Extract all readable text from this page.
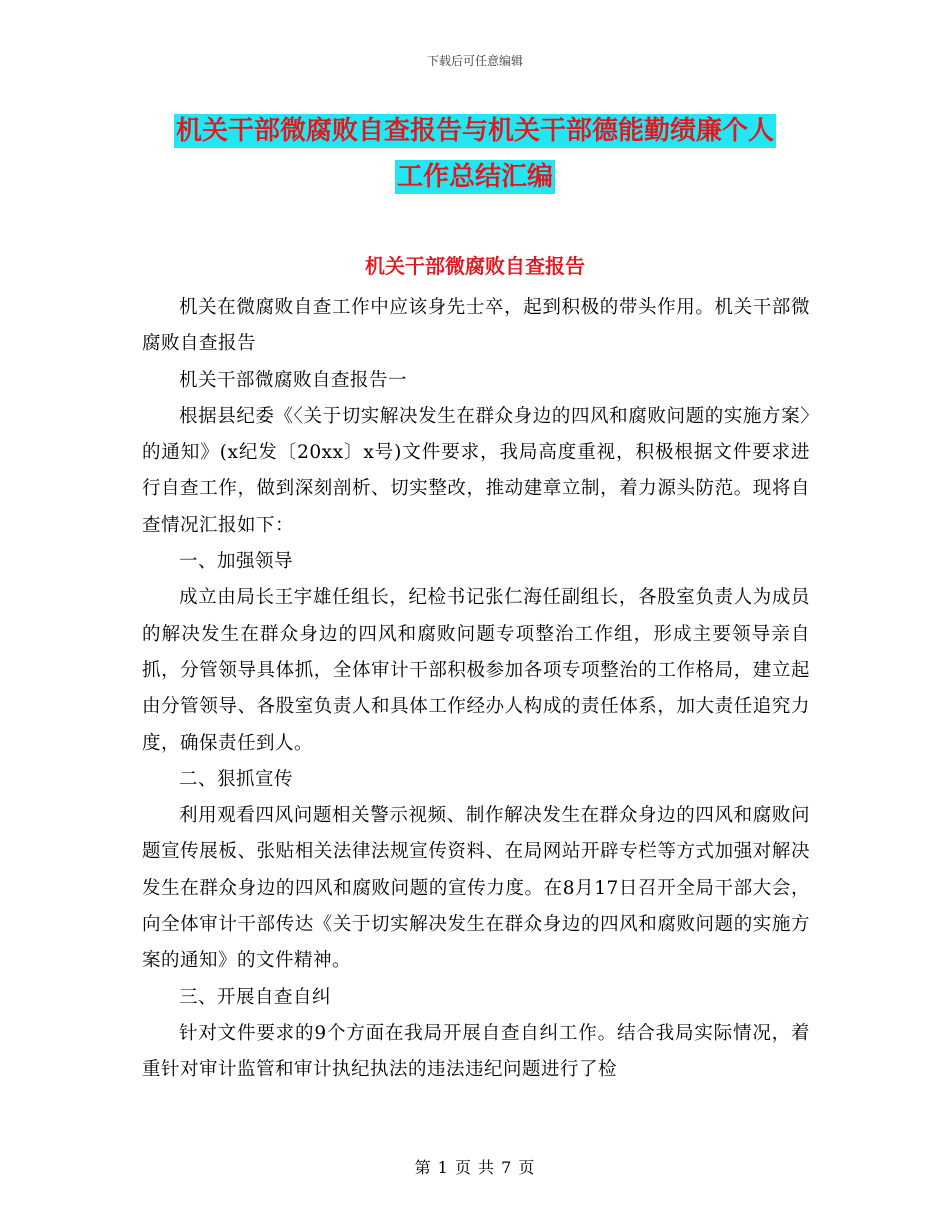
下载后可任意编辑
机关干部微腐败自查报告与机关干部德能勤绩廉个人
工作总结汇编
机关干部微腐败自查报告

机关在微腐败自查工作中应该身先士卒，起到积极的带头作用。机关干部微腐败自查报告

机关干部微腐败自查报告一

根据县纪委《〈关于切实解决发生在群众身边的四风和腐败问题的实施方案〉的通知》(x纪发〔20xx〕x号)文件要求，我局高度重视，积极根据文件要求进行自查工作，做到深刻剖析、切实整改，推动建章立制，着力源头防范。现将自查情况汇报如下：

一、加强领导

成立由局长王宇雄任组长，纪检书记张仁海任副组长，各股室负责人为成员的解决发生在群众身边的四风和腐败问题专项整治工作组，形成主要领导亲自抓，分管领导具体抓，全体审计干部积极参加各项专项整治的工作格局，建立起由分管领导、各股室负责人和具体工作经办人构成的责任体系，加大责任追究力度，确保责任到人。

二、狠抓宣传

利用观看四风问题相关警示视频、制作解决发生在群众身边的四风和腐败问题宣传展板、张贴相关法律法规宣传资料、在局网站开辟专栏等方式加强对解决发生在群众身边的四风和腐败问题的宣传力度。在8月17日召开全局干部大会，向全体审计干部传达《关于切实解决发生在群众身边的四风和腐败问题的实施方案的通知》的文件精神。

三、开展自查自纠

针对文件要求的9个方面在我局开展自查自纠工作。结合我局实际情况，着重针对审计监管和审计执纪执法的违法违纪问题进行了检

第 1 页 共 7 页
